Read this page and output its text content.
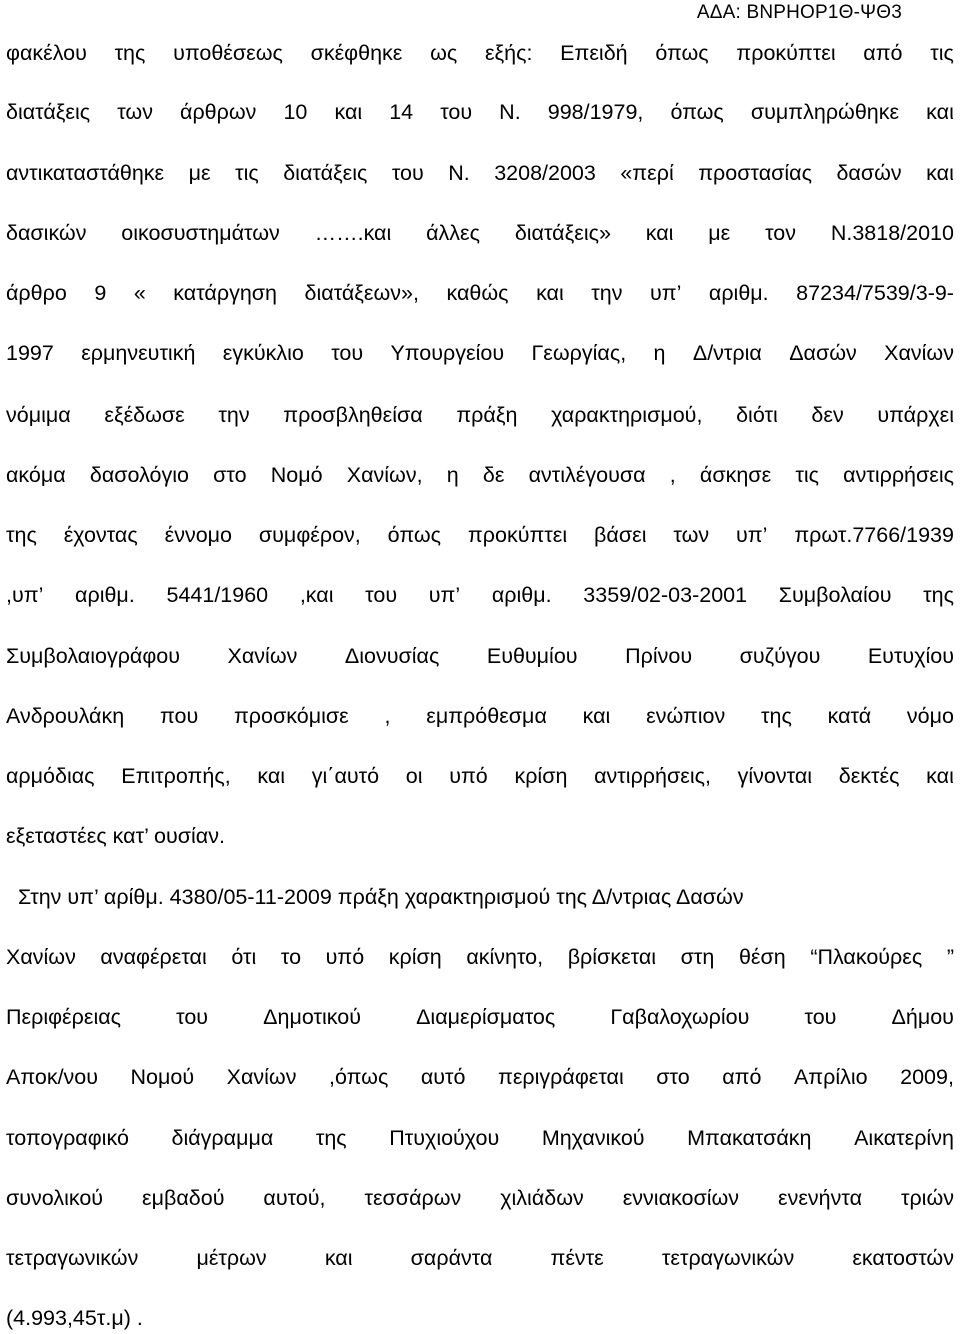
ΑΔΑ: ΒΝΡΗΟΡ1Θ-ΨΘ3
φακέλου της υποθέσεως σκέφθηκε ως εξής: Επειδή όπως προκύπτει από τις
διατάξεις των άρθρων 10 και 14 του Ν. 998/1979, όπως συμπληρώθηκε και
αντικαταστάθηκε με τις διατάξεις του Ν. 3208/2003 «περί προστασίας δασών και
δασικών οικοσυστημάτων …….και άλλες διατάξεις» και με τον Ν.3818/2010
άρθρο 9 « κατάργηση διατάξεων», καθώς και την υπ’ αριθμ. 87234/7539/3-9-
1997 ερμηνευτική εγκύκλιο του Υπουργείου Γεωργίας, η Δ/ντρια Δασών Χανίων
νόμιμα εξέδωσε την προσβληθείσα πράξη χαρακτηρισμού, διότι δεν υπάρχει
ακόμα δασολόγιο στο Νομό Χανίων, η δε αντιλέγουσα , άσκησε τις αντιρρήσεις
της έχοντας έννομο συμφέρον, όπως προκύπτει βάσει των υπ’ πρωτ.7766/1939
,υπ’ αριθμ. 5441/1960 ,και του υπ’ αριθμ. 3359/02-03-2001 Συμβολαίου της
Συμβολαιογράφου Χανίων Διονυσίας Ευθυμίου Πρίνου συζύγου Ευτυχίου
Ανδρουλάκη που προσκόμισε , εμπρόθεσμα και ενώπιον της κατά νόμο
αρμόδιας Επιτροπής, και γι΄αυτό οι υπό κρίση αντιρρήσεις, γίνονται δεκτές και
εξεταστέες κατ’ ουσίαν.
Στην υπ’ αρίθμ. 4380/05-11-2009 πράξη χαρακτηρισμού της Δ/ντριας Δασών
Χανίων αναφέρεται ότι το υπό κρίση ακίνητο, βρίσκεται στη θέση “Πλακούρες ”
Περιφέρειας	του	Δημοτικού	Διαμερίσματος	Γαβαλοχωρίου	του	Δήμου
Αποκ/νου Νομού Χανίων ,όπως αυτό περιγράφεται στο από Απρίλιο 2009,
τοπογραφικό διάγραμμα της Πτυχιούχου Μηχανικού Μπακατσάκη Αικατερίνη
συνολικού εμβαδού αυτού, τεσσάρων χιλιάδων εννιακοσίων ενενήντα τριών
τετραγωνικών	μέτρων	και	σαράντα	πέντε	τετραγωνικών	εκατοστών
(4.993,45τ.μ) .
